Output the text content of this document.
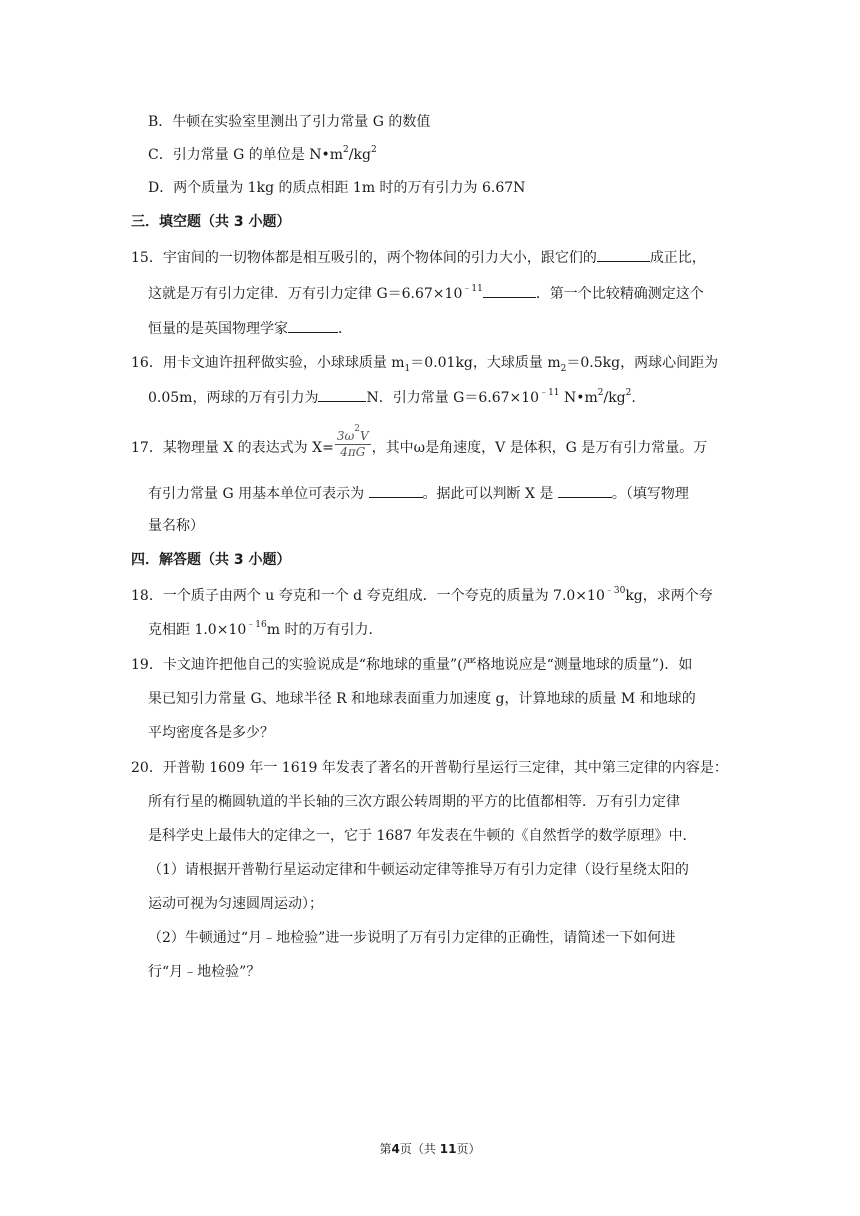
B．牛顿在实验室里测出了引力常量 G 的数值
C．引力常量 G 的单位是 $N•m^2/kg^2$
D．两个质量为 1kg 的质点相距 1m 时的万有引力为 6.67N
三．填空题（共 3 小题）
15．宇宙间的一切物体都是相互吸引的，两个物体间的引力大小，跟它们的	成正比，
这就是万有引力定律．万有引力定律 $G=6.67\times 10^{﹣11}$	．第一个比较精确测定这个
恒量的是英国物理学家	．
16．用卡文迪许扭秤做实验，小球球质量 $m_1=0.01kg$，大球质量 $m_2=0.5kg$，两球心间距为
0.05m，两球的万有引力为	N．引力常量 $G=6.67\times 10^{﹣11}$ $N•m^2/kg^2$.
17．某物理量 X 的表达式为 $X= \frac{3\omega^2V}{4\pi G}$ ，其中ω是角速度，V 是体积，G 是万有引力常量。万
有引力常量 G 用基本单位可表示为	。据此可以判断 X 是	。（填写物理
量名称）
四．解答题（共 3 小题）
18．一个质子由两个 u 夸克和一个 d 夸克组成．一个夸克的质量为 $7.0\times 10^{﹣30}kg$，求两个夸
克相距 $1.0\times 10^{﹣16}m$ 时的万有引力．
19．卡文迪许把他自己的实验说成是“称地球的重量”(严格地说应是“测量地球的质量”)．如
果已知引力常量 G、地球半径 R 和地球表面重力加速度 g，计算地球的质量 M 和地球的
平均密度各是多少？
20．开普勒 1609 年一 1619 年发表了著名的开普勒行星运行三定律，其中第三定律的内容是：
所有行星的椭圆轨道的半长轴的三次方跟公转周期的平方的比值都相等．万有引力定律
是科学史上最伟大的定律之一，它于 1687 年发表在牛顿的《自然哲学的数学原理》中．
（1）请根据开普勒行星运动定律和牛顿运动定律等推导万有引力定律（设行星绕太阳的
运动可视为匀速圆周运动）；
（2）牛顿通过“月﹣地检验”进一步说明了万有引力定律的正确性，请简述一下如何进
行“月﹣地检验”？
第4页（共 11页）
